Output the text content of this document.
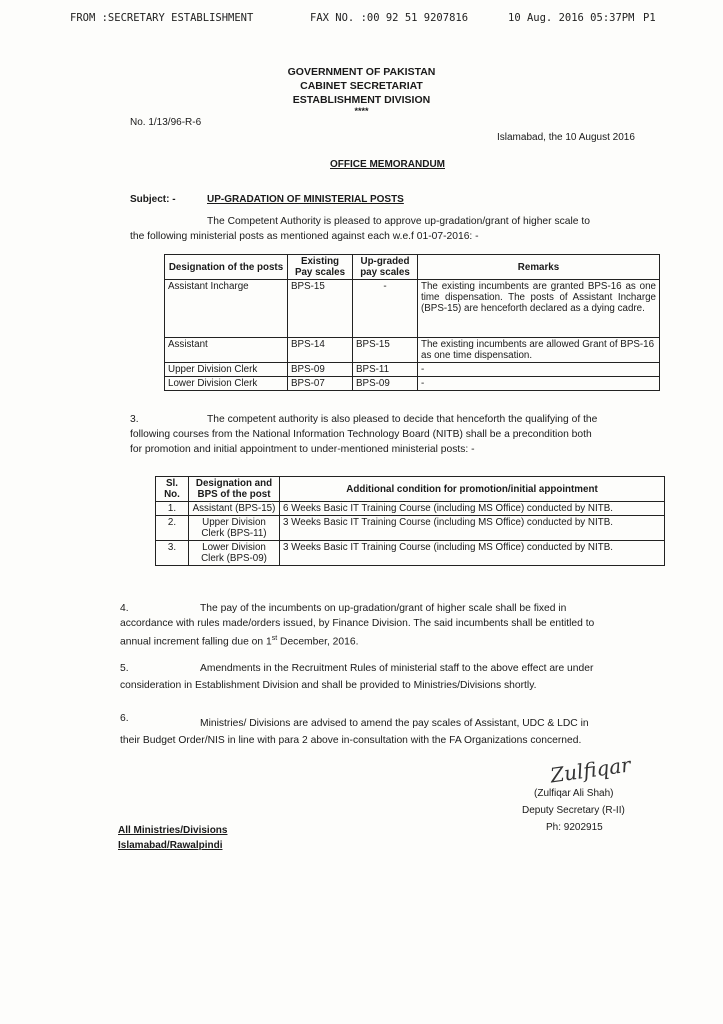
FROM :SECRETARY ESTABLISHMENT	FAX NO. :00 92 51 9207816	10 Aug. 2016 05:37PM P1
GOVERNMENT OF PAKISTAN
CABINET SECRETARIAT
ESTABLISHMENT DIVISION
****
No. 1/13/96-R-6
Islamabad, the 10 August 2016
OFFICE MEMORANDUM
Subject: -	UP-GRADATION OF MINISTERIAL POSTS
The Competent Authority is pleased to approve up-gradation/grant of higher scale to
the following ministerial posts as mentioned against each w.e.f 01-07-2016: -
Designation of the posts	Existing Pay scales	Up-graded pay scales	Remarks
Assistant Incharge	BPS-15	-	The existing incumbents are granted BPS-16 as one time dispensation. The posts of Assistant Incharge (BPS-15) are henceforth declared as a dying cadre.
Assistant	BPS-14	BPS-15	The existing incumbents are allowed Grant of BPS-16 as one time dispensation.
Upper Division Clerk	BPS-09	BPS-11	-
Lower Division Clerk	BPS-07	BPS-09	-
3.	The competent authority is also pleased to decide that henceforth the qualifying of the
following courses from the National Information Technology Board (NITB) shall be a precondition both
for promotion and initial appointment to under-mentioned ministerial posts: -
Sl. No.	Designation and BPS of the post	Additional condition for promotion/initial appointment
1.	Assistant (BPS-15)	6 Weeks Basic IT Training Course (including MS Office) conducted by NITB.
2.	Upper Division Clerk (BPS-11)	3 Weeks Basic IT Training Course (including MS Office) conducted by NITB.
3.	Lower Division Clerk (BPS-09)	3 Weeks Basic IT Training Course (including MS Office) conducted by NITB.
4.	The pay of the incumbents on up-gradation/grant of higher scale shall be fixed in
accordance with rules made/orders issued, by Finance Division. The said incumbents shall be entitled to
annual increment falling due on 1st December, 2016.
5.	Amendments in the Recruitment Rules of ministerial staff to the above effect are under
consideration in Establishment Division and shall be provided to Ministries/Divisions shortly.
6.	Ministries/ Divisions are advised to amend the pay scales of Assistant, UDC & LDC in
their Budget Order/NIS in line with para 2 above in-consultation with the FA Organizations concerned.
Zulfiqar
(Zulfiqar Ali Shah)
Deputy Secretary (R-II)
Ph: 9202915
All Ministries/Divisions
Islamabad/Rawalpindi
